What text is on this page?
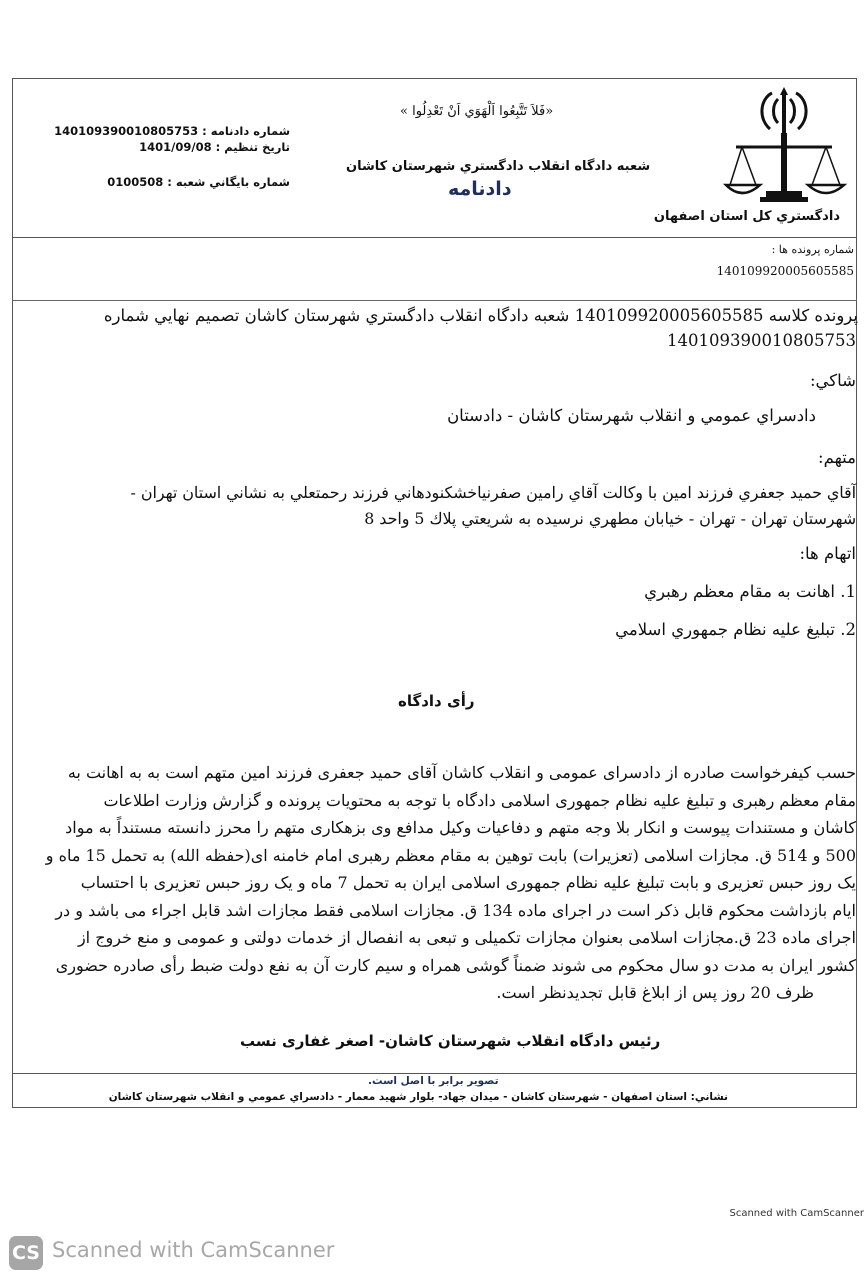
دادگستري كل استان اصفهان
«فَلاَ تَتَّبِعُوا اَلْهَوَي اَنْ تَعْدِلُوا »
شعبه دادگاه انقلاب دادگستري شهرستان كاشان
دادنامه
شماره دادنامه : 140109390010805753
تاريخ تنظيم : 1401/09/08
شماره بايگاني شعبه : 0100508
شماره پرونده ها :
140109920005605585
پرونده كلاسه 140109920005605585 شعبه دادگاه انقلاب دادگستري شهرستان كاشان تصميم نهايي شماره
140109390010805753
شاكي:
دادسراي عمومي و انقلاب شهرستان كاشان - دادستان
متهم:
آقاي حميد جعفري فرزند امين با وكالت آقاي رامين صفرنياخشكنودهاني فرزند رحمتعلي به نشاني استان تهران -
شهرستان تهران - تهران - خيابان مطهري نرسيده به شريعتي پلاك 5 واحد 8
اتهام ها:
1. اهانت به مقام معظم رهبري
2. تبليغ عليه نظام جمهوري اسلامي
رأى دادگاه
حسب كيفرخواست صادره از دادسراى عمومى و انقلاب كاشان آقاى حميد جعفرى فرزند امين متهم است به به اهانت به
مقام معظم رهبرى و تبليغ عليه نظام جمهورى اسلامى دادگاه با توجه به محتويات پرونده و گزارش وزارت اطلاعات
كاشان و مستندات پيوست و انكار بلا وجه متهم و دفاعيات وكيل مدافع وى بزهكارى متهم را محرز دانسته مستنداً به مواد
500 و 514 ق. مجازات اسلامى (تعزيرات) بابت توهين به مقام معظم رهبرى امام خامنه اى(حفظه الله) به تحمل 15 ماه و
يک روز حبس تعزيرى و بابت تبليغ عليه نظام جمهورى اسلامى ايران به تحمل 7 ماه و يک روز حبس تعزيرى با احتساب
ايام بازداشت محكوم قابل ذكر است در اجراى ماده 134 ق. مجازات اسلامى فقط مجازات اشد قابل اجراء مى باشد و در
اجراى ماده 23 ق.مجازات اسلامى بعنوان مجازات تكميلى و تبعى به انفصال از خدمات دولتى و عمومى و منع خروج از
كشور ايران به مدت دو سال محكوم مى شوند ضمناً گوشى همراه و سيم كارت آن به نفع دولت ضبط رأى صادره حضورى
ظرف 20 روز پس از ابلاغ قابل تجديدنظر است.
رئيس دادگاه انقلاب شهرستان كاشان- اصغر غفارى نسب
تصوير برابر با اصل است.
نشاني: استان اصفهان - شهرستان كاشان - ميدان جهاد- بلوار شهيد معمار - دادسراي عمومي و انقلاب شهرستان كاشان
Scanned with CamScanner
CS Scanned with CamScanner
